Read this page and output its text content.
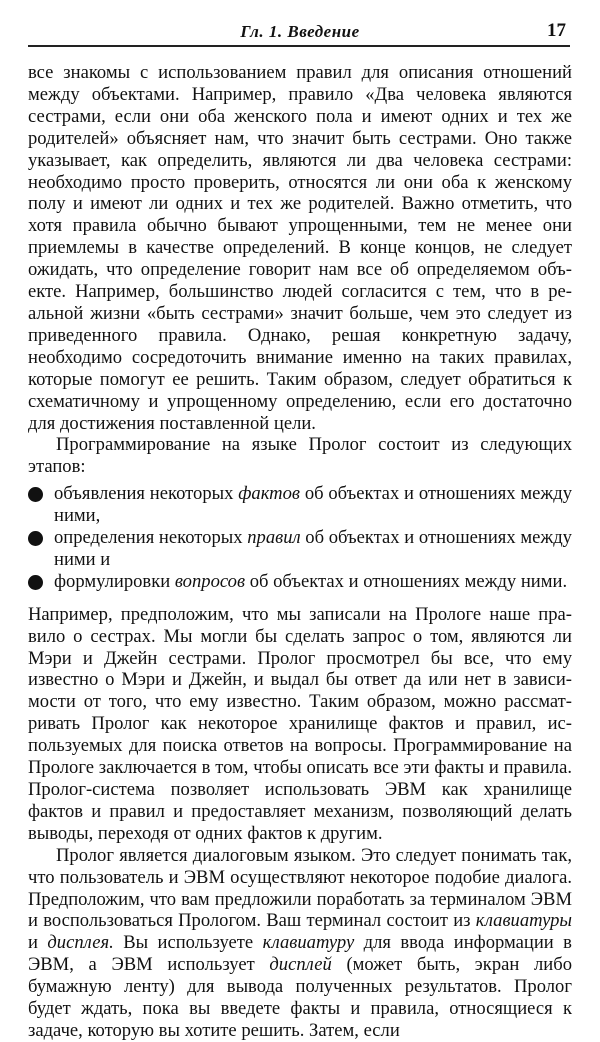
Гл. 1. Введение	17

все знакомы с использованием правил для описания отношений между объектами. Например, правило «Два человека являются сестрами, если они оба женского пола и имеют одних и тех же родителей» объясняет нам, что значит быть сестрами. Оно также указывает, как определить, являются ли два человека сестрами: необходимо просто проверить, относятся ли они оба к женскому полу и имеют ли одних и тех же родителей. Важно отметить, что хотя правила обычно бывают упрощенными, тем не менее они приемлемы в качестве определений. В конце концов, не следует ожидать, что определение говорит нам все об определяемом объекте. Например, большинство людей согласится с тем, что в реальной жизни «быть сестрами» значит больше, чем это следует из приведенного правила. Однако, решая конкретную задачу, необходимо сосредоточить внимание именно на таких правилах, которые помогут ее решить. Таким образом, следует обратиться к схематичному и упрощенному определению, если его достаточно для достижения поставленной цели.

Программирование на языке Пролог состоит из следующих этапов:

объявления некоторых фактов об объектах и отношениях между ними,
определения некоторых правил об объектах и отношениях между ними и
формулировки вопросов об объектах и отношениях между ними.

Например, предположим, что мы записали на Прологе наше правило о сестрах. Мы могли бы сделать запрос о том, являются ли Мэри и Джейн сестрами. Пролог просмотрел бы все, что ему известно о Мэри и Джейн, и выдал бы ответ да или нет в зависимости от того, что ему известно. Таким образом, можно рассматривать Пролог как некоторое хранилище фактов и правил, используемых для поиска ответов на вопросы. Программирование на Прологе заключается в том, чтобы описать все эти факты и правила. Пролог-система позволяет использовать ЭВМ как хранилище фактов и правил и предоставляет механизм, позволяющий делать выводы, переходя от одних фактов к другим.

Пролог является диалоговым языком. Это следует понимать так, что пользователь и ЭВМ осуществляют некоторое подобие диалога. Предположим, что вам предложили поработать за терминалом ЭВМ и воспользоваться Прологом. Ваш терминал состоит из клавиатуры и дисплея. Вы используете клавиатуру для ввода информации в ЭВМ, а ЭВМ использует дисплей (может быть, экран либо бумажную ленту) для вывода полученных результатов. Пролог будет ждать, пока вы введете факты и правила, относящиеся к задаче, которую вы хотите решить. Затем, если
